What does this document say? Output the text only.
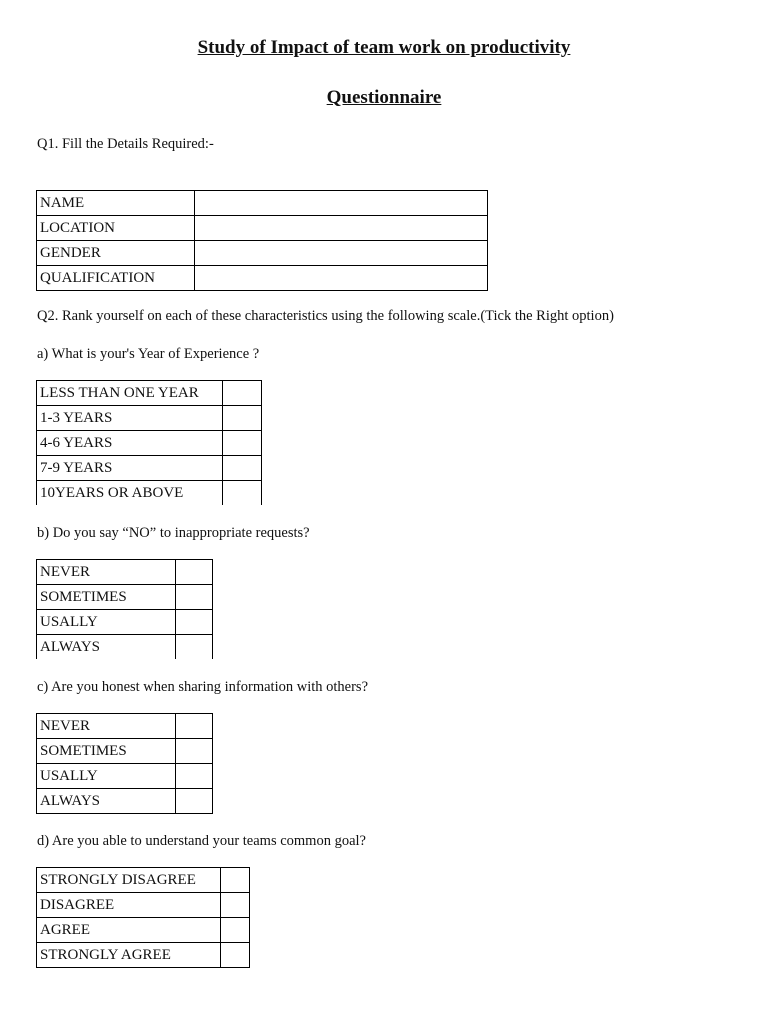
Study of Impact of team work on productivity
Questionnaire
Q1. Fill the Details Required:-
NAME	
LOCATION	
GENDER	
QUALIFICATION	
Q2. Rank yourself on each of these characteristics using the following scale.(Tick the Right option)
a) What is your's Year of Experience ?
LESS THAN ONE YEAR	
1-3 YEARS	
4-6 YEARS	
7-9 YEARS	
10YEARS OR ABOVE	
b) Do you say “NO” to inappropriate requests?
NEVER	
SOMETIMES	
USALLY	
ALWAYS	
c) Are you honest when sharing information with others?
NEVER	
SOMETIMES	
USALLY	
ALWAYS	
d) Are you able to understand your teams common goal?
STRONGLY DISAGREE	
DISAGREE	
AGREE	
STRONGLY AGREE	
